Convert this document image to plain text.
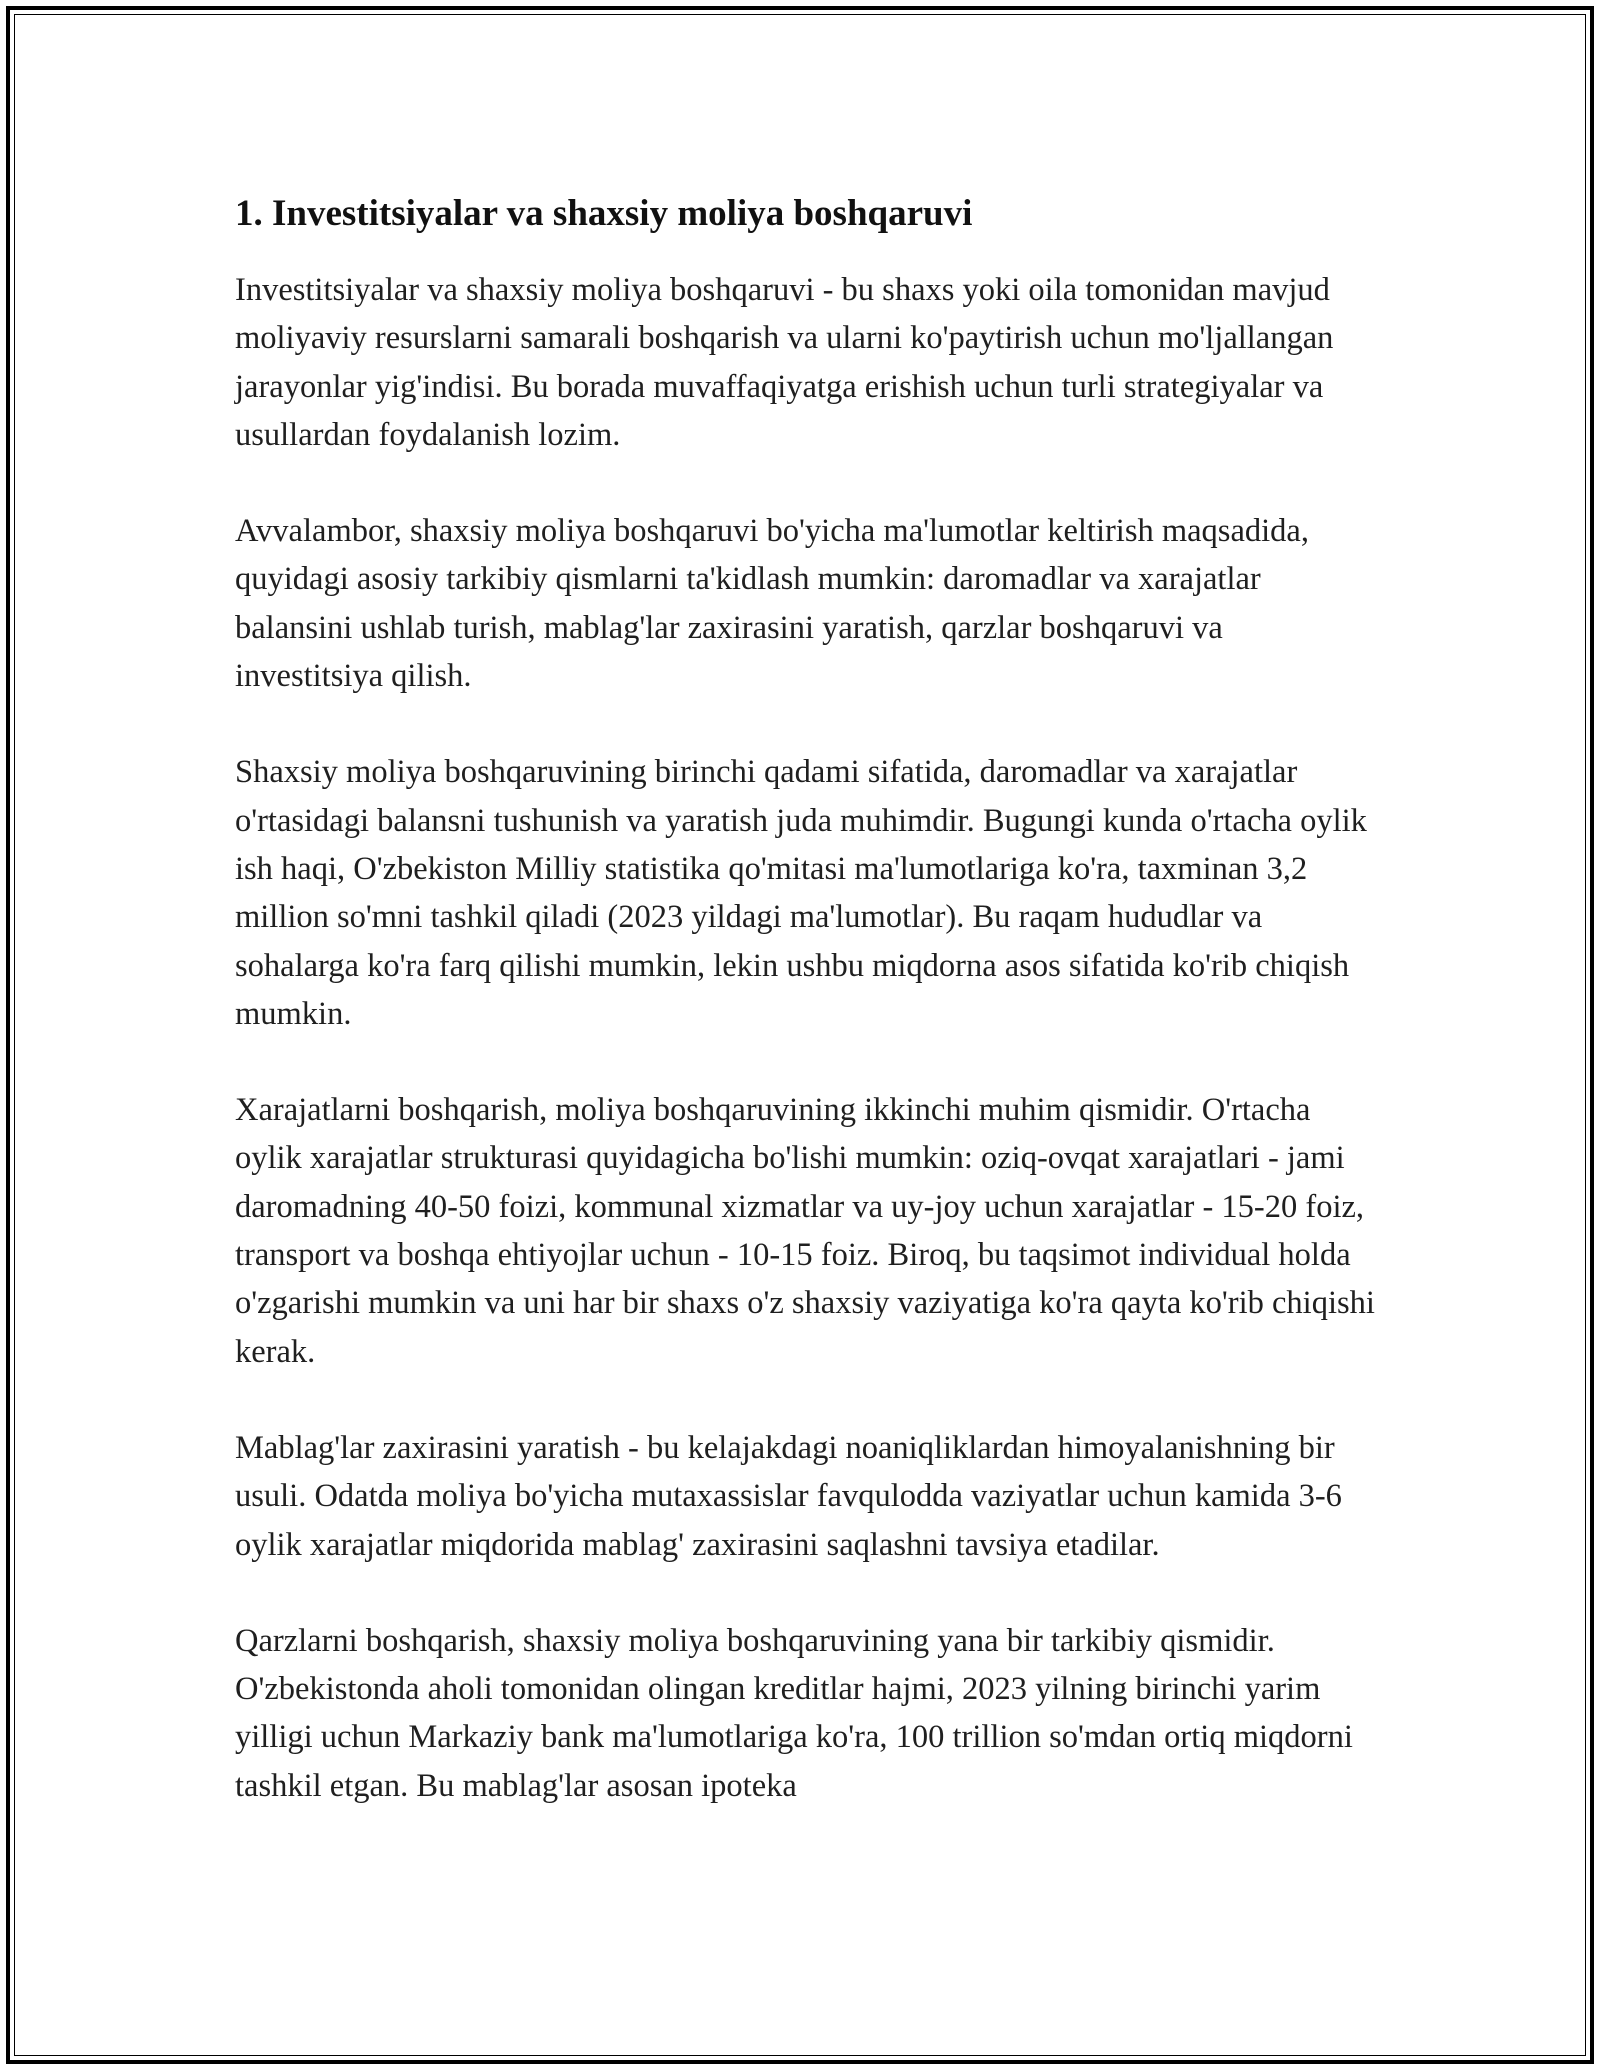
1. Investitsiyalar va shaxsiy moliya boshqaruvi

Investitsiyalar va shaxsiy moliya boshqaruvi - bu shaxs yoki oila tomonidan mavjud moliyaviy resurslarni samarali boshqarish va ularni ko'paytirish uchun mo'ljallangan jarayonlar yig'indisi. Bu borada muvaffaqiyatga erishish uchun turli strategiyalar va usullardan foydalanish lozim.

Avvalambor, shaxsiy moliya boshqaruvi bo'yicha ma'lumotlar keltirish maqsadida, quyidagi asosiy tarkibiy qismlarni ta'kidlash mumkin: daromadlar va xarajatlar balansini ushlab turish, mablag'lar zaxirasini yaratish, qarzlar boshqaruvi va investitsiya qilish.

Shaxsiy moliya boshqaruvining birinchi qadami sifatida, daromadlar va xarajatlar o'rtasidagi balansni tushunish va yaratish juda muhimdir. Bugungi kunda o'rtacha oylik ish haqi, O'zbekiston Milliy statistika qo'mitasi ma'lumotlariga ko'ra, taxminan 3,2 million so'mni tashkil qiladi (2023 yildagi ma'lumotlar). Bu raqam hududlar va sohalarga ko'ra farq qilishi mumkin, lekin ushbu miqdorna asos sifatida ko'rib chiqish mumkin.

Xarajatlarni boshqarish, moliya boshqaruvining ikkinchi muhim qismidir. O'rtacha oylik xarajatlar strukturasi quyidagicha bo'lishi mumkin: oziq-ovqat xarajatlari - jami daromadning 40-50 foizi, kommunal xizmatlar va uy-joy uchun xarajatlar - 15-20 foiz, transport va boshqa ehtiyojlar uchun - 10-15 foiz. Biroq, bu taqsimot individual holda o'zgarishi mumkin va uni har bir shaxs o'z shaxsiy vaziyatiga ko'ra qayta ko'rib chiqishi kerak.

Mablag'lar zaxirasini yaratish - bu kelajakdagi noaniqliklardan himoyalanishning bir usuli. Odatda moliya bo'yicha mutaxassislar favqulodda vaziyatlar uchun kamida 3-6 oylik xarajatlar miqdorida mablag' zaxirasini saqlashni tavsiya etadilar.

Qarzlarni boshqarish, shaxsiy moliya boshqaruvining yana bir tarkibiy qismidir. O'zbekistonda aholi tomonidan olingan kreditlar hajmi, 2023 yilning birinchi yarim yilligi uchun Markaziy bank ma'lumotlariga ko'ra, 100 trillion so'mdan ortiq miqdorni tashkil etgan. Bu mablag'lar asosan ipoteka
